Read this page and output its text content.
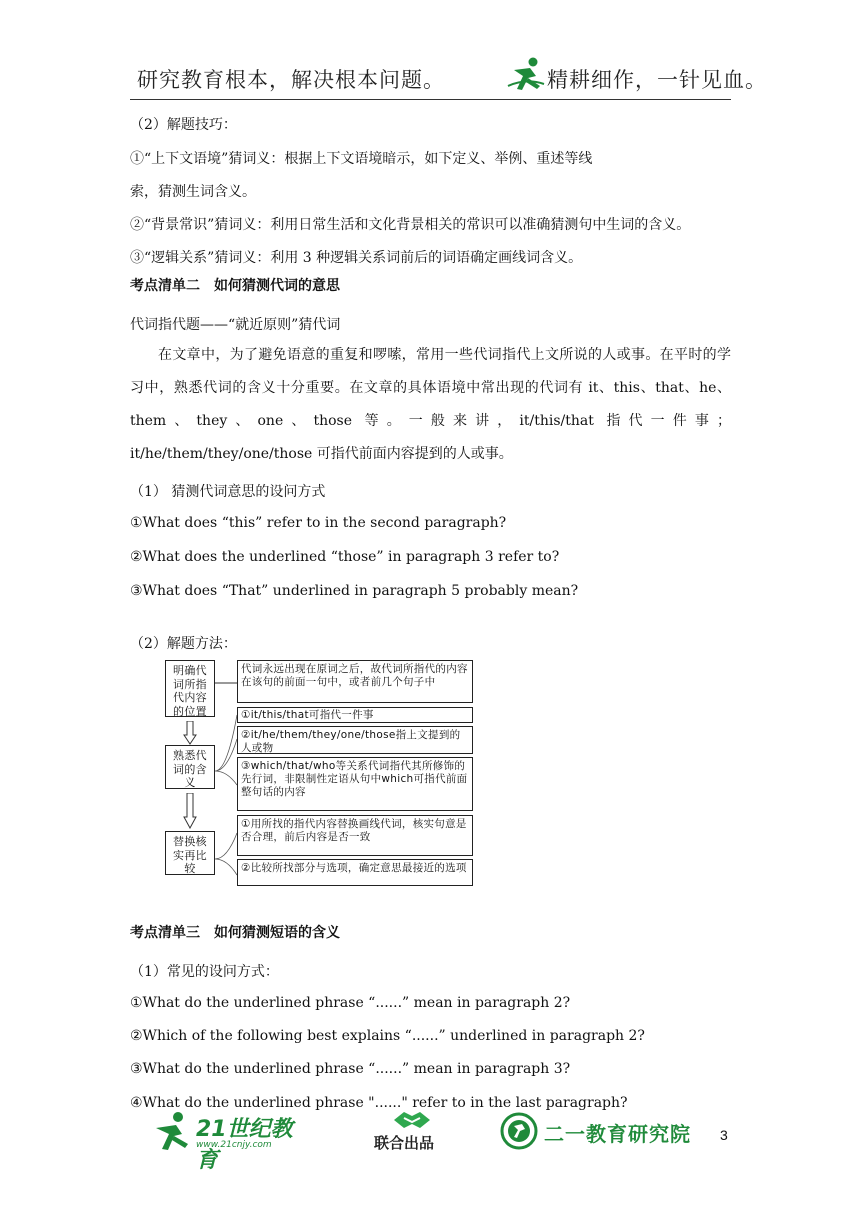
研究教育根本，解决根本问题。	精耕细作，一针见血。
（2）解题技巧：
①“上下文语境”猜词义：根据上下文语境暗示，如下定义、举例、重述等线
索，猜测生词含义。
②“背景常识”猜词义：利用日常生活和文化背景相关的常识可以准确猜测句中生词的含义。
③“逻辑关系”猜词义：利用 3 种逻辑关系词前后的词语确定画线词含义。
考点清单二　如何猜测代词的意思
代词指代题——“就近原则”猜代词

在文章中，为了避免语意的重复和啰嗦，常用一些代词指代上文所说的人或事。在平时的学习中，熟悉代词的含义十分重要。在文章的具体语境中常出现的代词有 it、this、that、he、them、they、one、those 等。一般来讲，it/this/that 指代一件事；it/he/them/they/one/those 可指代前面内容提到的人或事。

（1） 猜测代词意思的设问方式
①What does “this” refer to in the second paragraph?
②What does the underlined “those” in paragraph 3 refer to?
③What does “That” underlined in paragraph 5 probably mean?
（2）解题方法：
明确代词所指代内容的位置
熟悉代词的含义
替换核实再比较
代词永远出现在原词之后，故代词所指代的内容在该句的前面一句中，或者前几个句子中
①it/this/that可指代一件事
②it/he/them/they/one/those指上文提到的人或物
③which/that/who等关系代词指代其所修饰的先行词，非限制性定语从句中which可指代前面整句话的内容
①用所找的指代内容替换画线代词，核实句意是否合理，前后内容是否一致
②比较所找部分与选项，确定意思最接近的选项
考点清单三　如何猜测短语的含义
（1）常见的设问方式：
①What do the underlined phrase “......” mean in paragraph 2?
②Which of the following best explains “......” underlined in paragraph 2?
③What do the underlined phrase “......” mean in paragraph 3?
④What do the underlined phrase "......" refer to in the last paragraph?
21世纪教育
www.21cnjy.com	联合出品	二一教育研究院 3
